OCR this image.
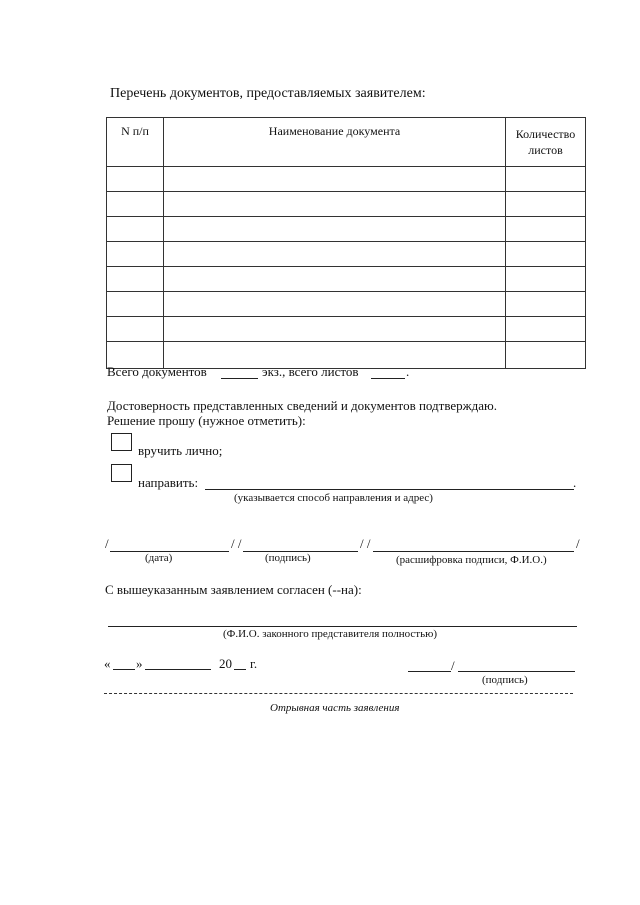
Перечень документов, предоставляемых заявителем:
N п/п	Наименование документа	Количество листов

Всего документов	экз., всего листов	.
Достоверность представленных сведений и документов подтверждаю.
Решение прошу (нужное отметить):
вручить лично;
направить:	.
(указывается способ направления и адрес)
/	/ /	/ /	/
(дата)	(подпись)	(расшифровка подписи, Ф.И.О.)
С вышеуказанным заявлением согласен (--на):
(Ф.И.О. законного представителя полностью)
« »	20 г.	/
(подпись)
Отрывная часть заявления
